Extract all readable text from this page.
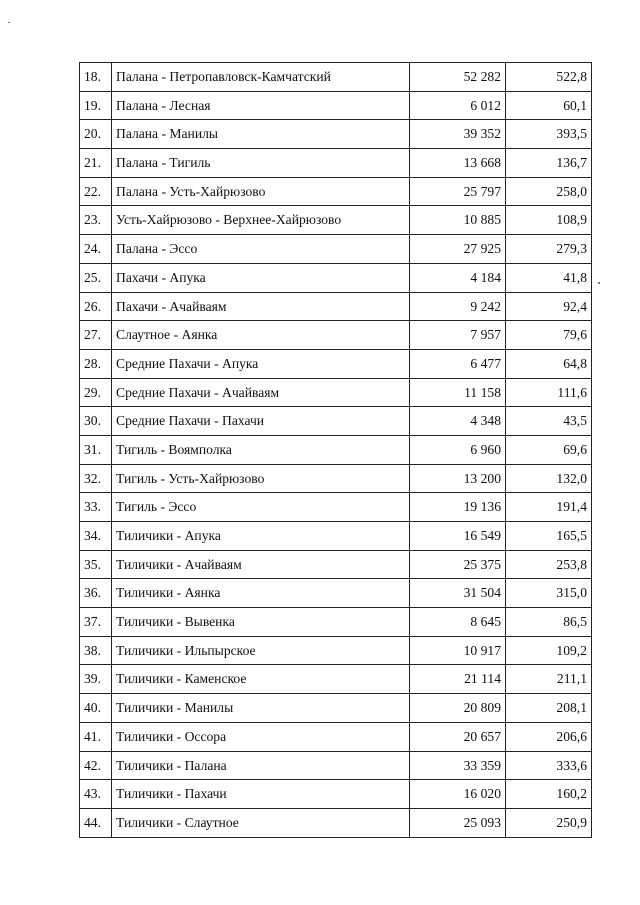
18.	Палана - Петропавловск-Камчатский	52 282	522,8
19.	Палана - Лесная	6 012	60,1
20.	Палана - Манилы	39 352	393,5
21.	Палана - Тигиль	13 668	136,7
22.	Палана - Усть-Хайрюзово	25 797	258,0
23.	Усть-Хайрюзово - Верхнее-Хайрюзово	10 885	108,9
24.	Палана - Эссо	27 925	279,3
25.	Пахачи - Апука	4 184	41,8
26.	Пахачи - Ачайваям	9 242	92,4
27.	Слаутное - Аянка	7 957	79,6
28.	Средние Пахачи - Апука	6 477	64,8
29.	Средние Пахачи - Ачайваям	11 158	111,6
30.	Средние Пахачи - Пахачи	4 348	43,5
31.	Тигиль - Воямполка	6 960	69,6
32.	Тигиль - Усть-Хайрюзово	13 200	132,0
33.	Тигиль - Эссо	19 136	191,4
34.	Тиличики - Апука	16 549	165,5
35.	Тиличики - Ачайваям	25 375	253,8
36.	Тиличики - Аянка	31 504	315,0
37.	Тиличики - Вывенка	8 645	86,5
38.	Тиличики - Ильпырское	10 917	109,2
39.	Тиличики - Каменское	21 114	211,1
40.	Тиличики - Манилы	20 809	208,1
41.	Тиличики - Оссора	20 657	206,6
42.	Тиличики - Палана	33 359	333,6
43.	Тиличики - Пахачи	16 020	160,2
44.	Тиличики - Слаутное	25 093	250,9
